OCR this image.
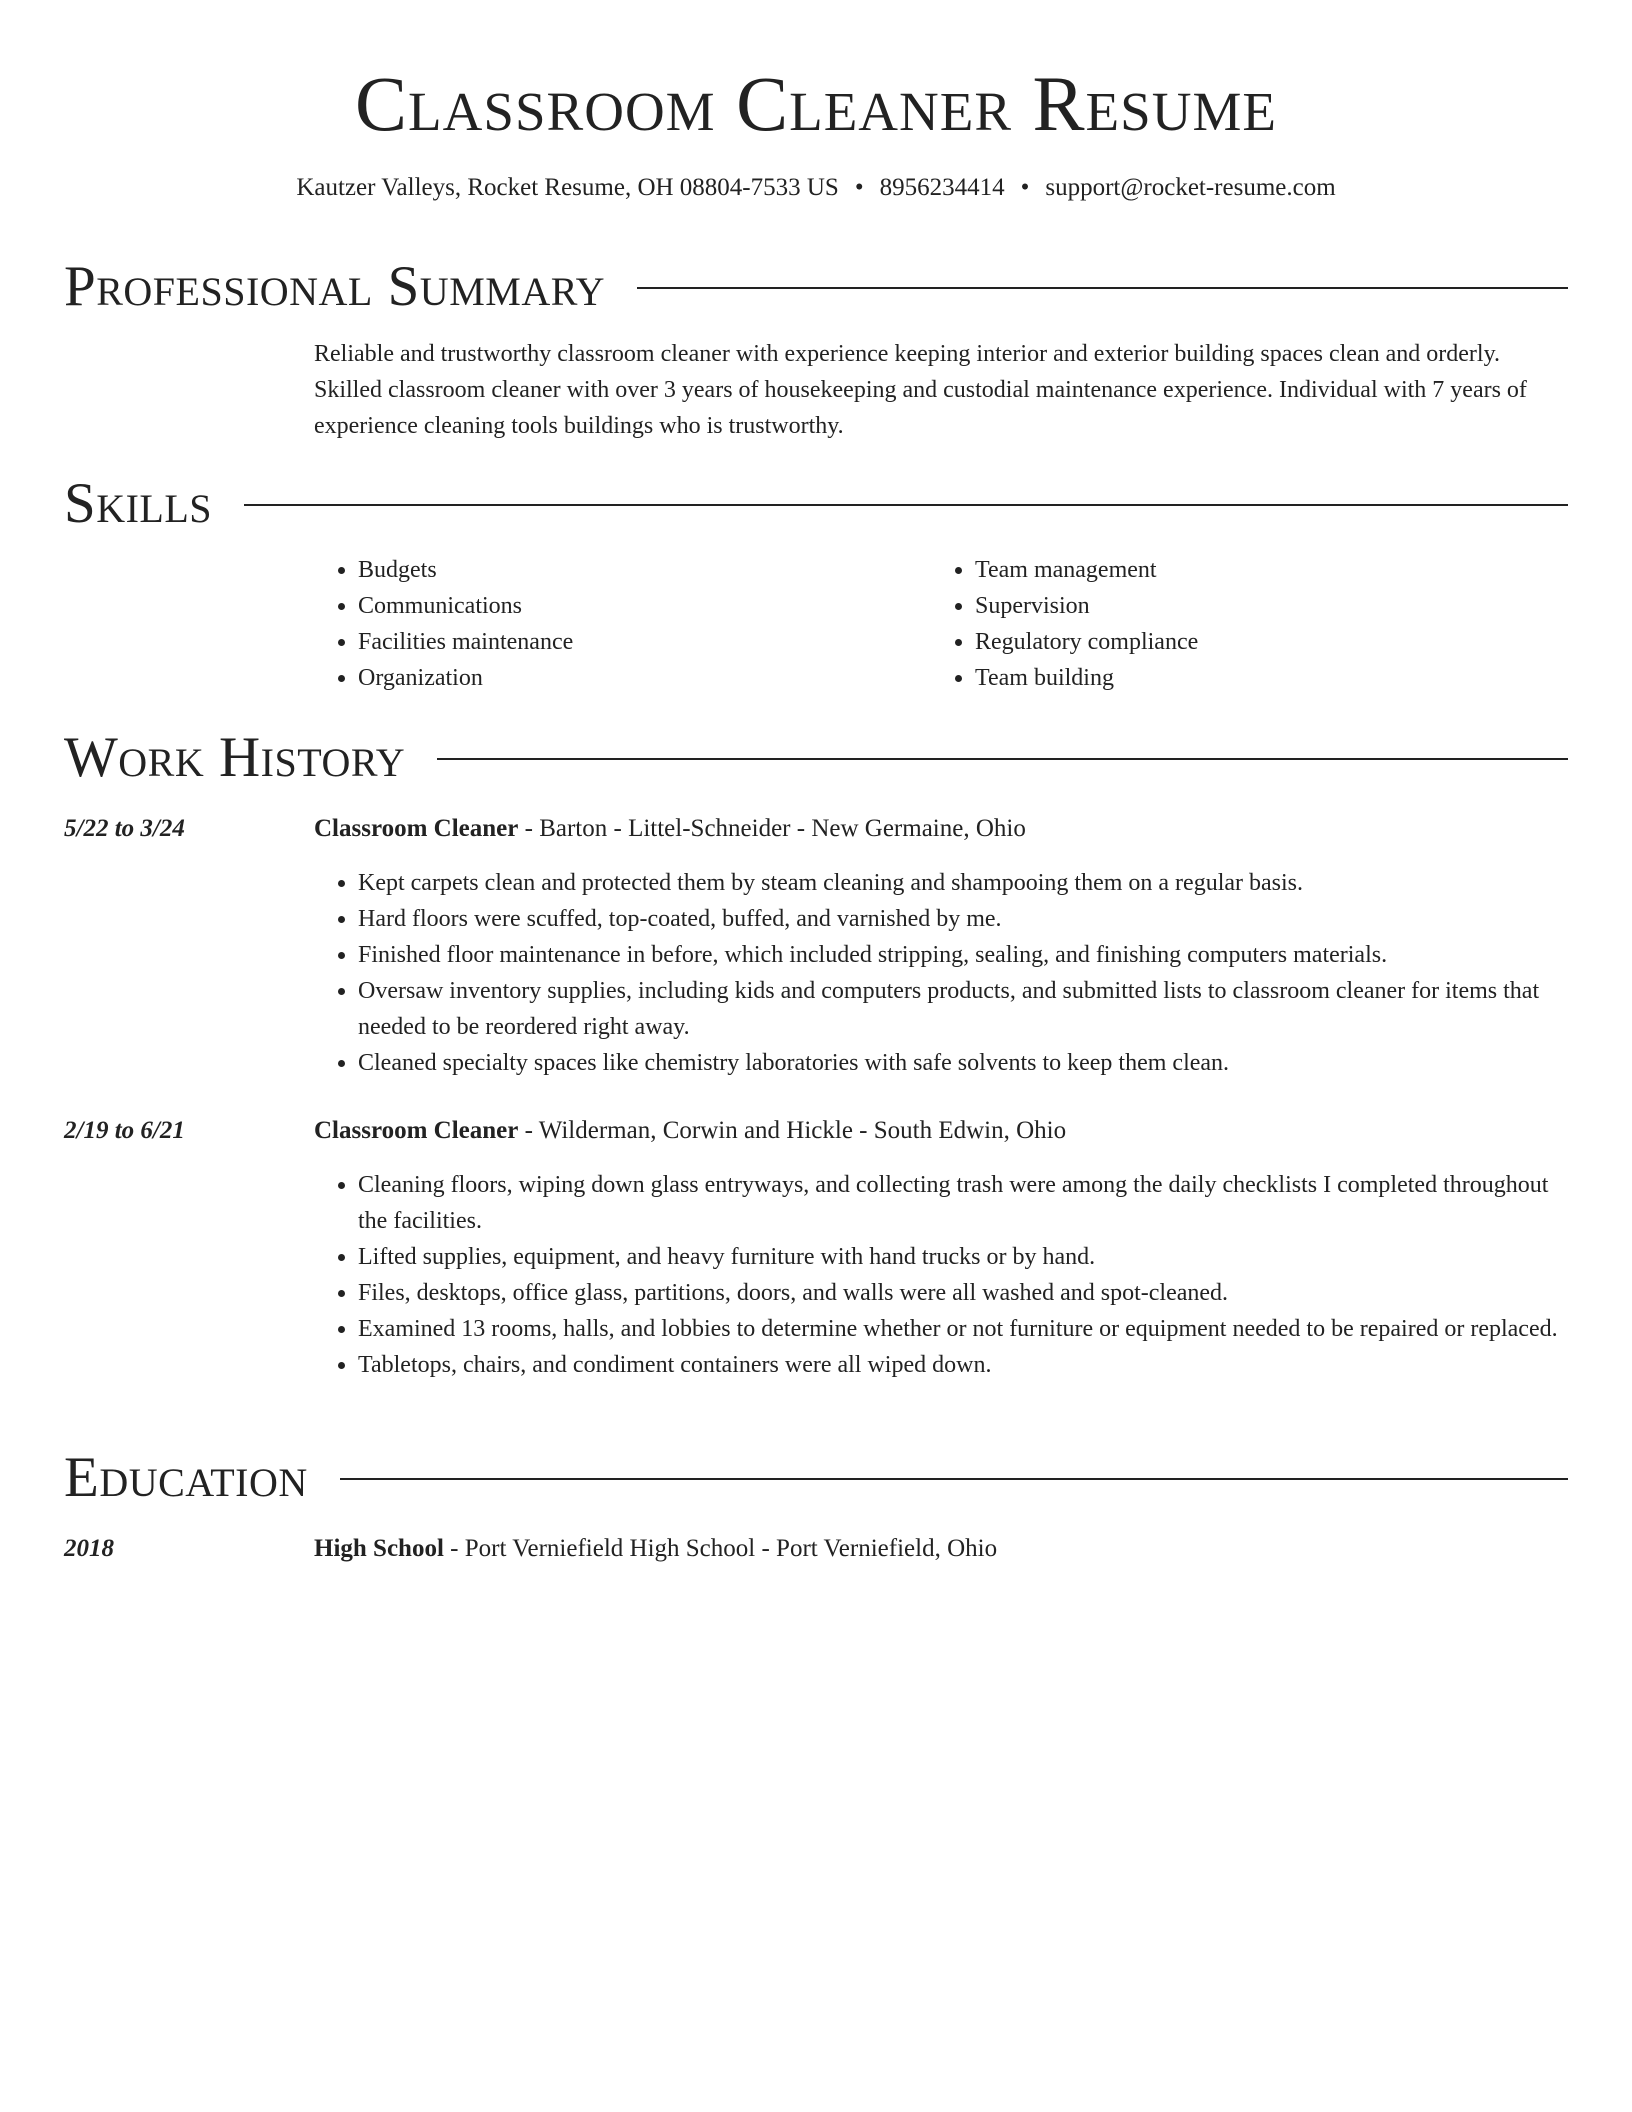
Classroom Cleaner Resume

Kautzer Valleys, Rocket Resume, OH 08804-7533 US • 8956234414 • support@rocket-resume.com

Professional Summary

Reliable and trustworthy classroom cleaner with experience keeping interior and exterior building spaces clean and orderly. Skilled classroom cleaner with over 3 years of housekeeping and custodial maintenance experience. Individual with 7 years of experience cleaning tools buildings who is trustworthy.

Skills
• Budgets
• Communications
• Facilities maintenance
• Organization
• Team management
• Supervision
• Regulatory compliance
• Team building
Work History
5/22 to 3/24	Classroom Cleaner - Barton - Littel-Schneider - New Germaine, Ohio

• Kept carpets clean and protected them by steam cleaning and shampooing them on a regular basis.
• Hard floors were scuffed, top-coated, buffed, and varnished by me.
• Finished floor maintenance in before, which included stripping, sealing, and finishing computers materials.
• Oversaw inventory supplies, including kids and computers products, and submitted lists to classroom cleaner for items that needed to be reordered right away.
• Cleaned specialty spaces like chemistry laboratories with safe solvents to keep them clean.
2/19 to 6/21	Classroom Cleaner - Wilderman, Corwin and Hickle - South Edwin, Ohio

• Cleaning floors, wiping down glass entryways, and collecting trash were among the daily checklists I completed throughout the facilities.
• Lifted supplies, equipment, and heavy furniture with hand trucks or by hand.
• Files, desktops, office glass, partitions, doors, and walls were all washed and spot-cleaned.
• Examined 13 rooms, halls, and lobbies to determine whether or not furniture or equipment needed to be repaired or replaced.
• Tabletops, chairs, and condiment containers were all wiped down.
Education
2018	High School - Port Verniefield High School - Port Verniefield, Ohio
